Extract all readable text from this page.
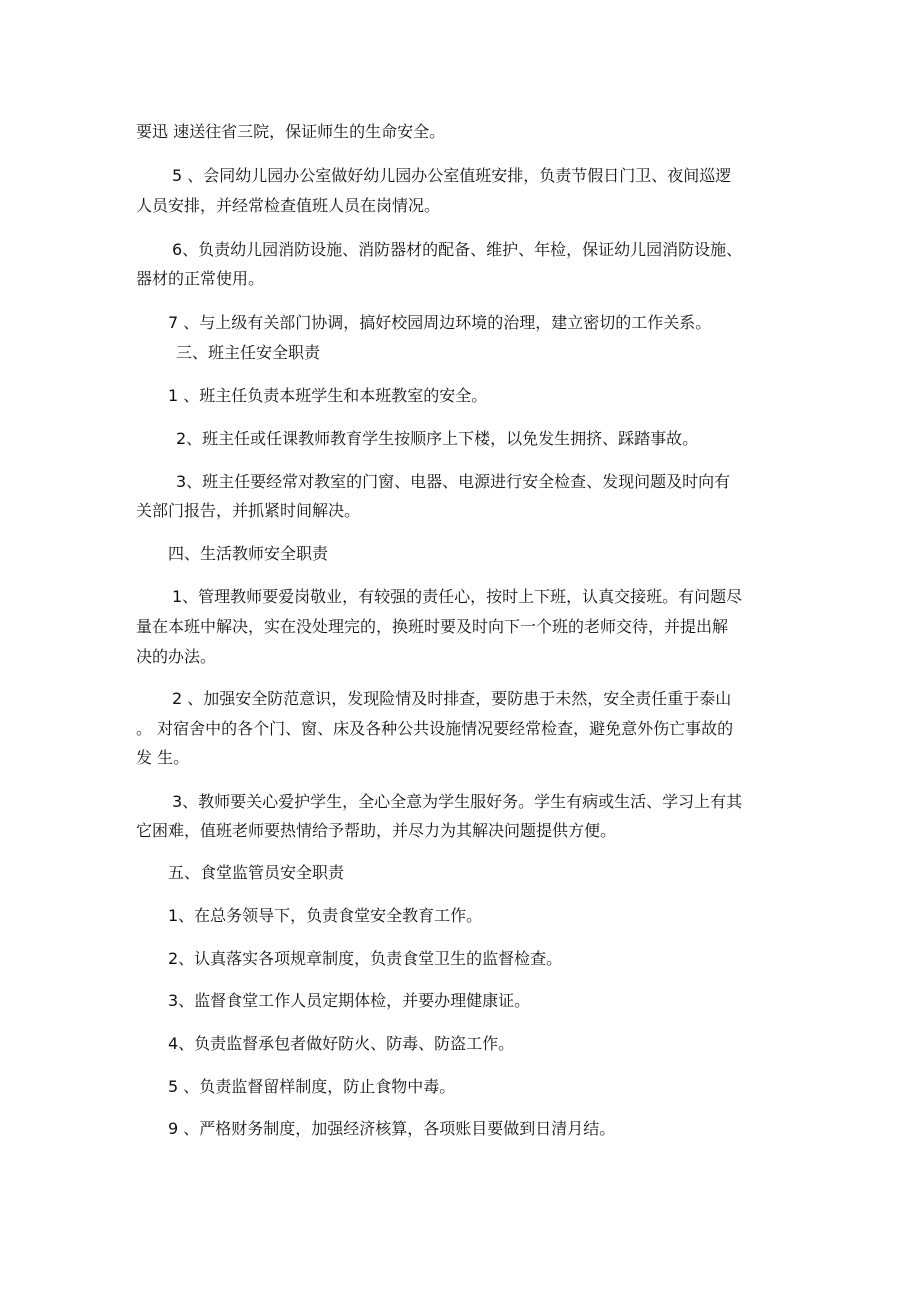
要迅 速送往省三院，保证师生的生命安全。
5 、会同幼儿园办公室做好幼儿园办公室值班安排，负责节假日门卫、夜间巡逻
人员安排，并经常检查值班人员在岗情况。
6、负责幼儿园消防设施、消防器材的配备、维护、年检，保证幼儿园消防设施、
器材的正常使用。
7 、与上级有关部门协调，搞好校园周边环境的治理，建立密切的工作关系。
三、班主任安全职责
1 、班主任负责本班学生和本班教室的安全。
2、班主任或任课教师教育学生按顺序上下楼，以免发生拥挤、踩踏事故。
3、班主任要经常对教室的门窗、电器、电源进行安全检查、发现问题及时向有
关部门报告，并抓紧时间解决。
四、生活教师安全职责
1、管理教师要爱岗敬业，有较强的责任心，按时上下班，认真交接班。有问题尽
量在本班中解决，实在没处理完的，换班时要及时向下一个班的老师交待，并提出解
决的办法。
2 、加强安全防范意识，发现险情及时排查，要防患于未然，安全责任重于泰山
。 对宿舍中的各个门、窗、床及各种公共设施情况要经常检查，避免意外伤亡事故的
发 生。
3、教师要关心爱护学生，全心全意为学生服好务。学生有病或生活、学习上有其
它困难，值班老师要热情给予帮助，并尽力为其解决问题提供方便。
五、食堂监管员安全职责
1、在总务领导下，负责食堂安全教育工作。
2、认真落实各项规章制度，负责食堂卫生的监督检查。
3、监督食堂工作人员定期体检，并要办理健康证。
4、负责监督承包者做好防火、防毒、防盗工作。
5 、负责监督留样制度，防止食物中毒。
9 、严格财务制度，加强经济核算，各项账目要做到日清月结。
